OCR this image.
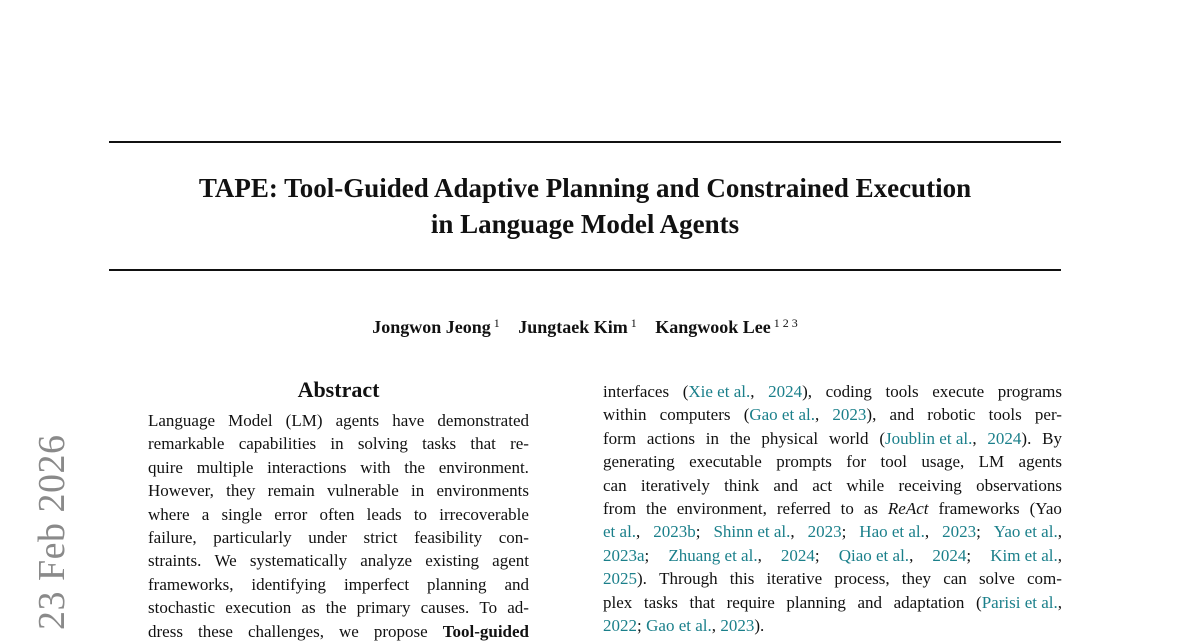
TAPE: Tool-Guided Adaptive Planning and Constrained Execution
in Language Model Agents
Jongwon Jeong $^1$ Jungtaek Kim $^1$ Kangwook Lee $^{1 2 3}$
23 Feb 2026
Abstract
Language Model (LM) agents have demonstrated
remarkable capabilities in solving tasks that re-
quire multiple interactions with the environment.
However, they remain vulnerable in environments
where a single error often leads to irrecoverable
failure, particularly under strict feasibility con-
straints. We systematically analyze existing agent
frameworks, identifying imperfect planning and
stochastic execution as the primary causes. To ad-
dress these challenges, we propose Tool-guided
interfaces (Xie et al., 2024), coding tools execute programs
within computers (Gao et al., 2023), and robotic tools per-
form actions in the physical world (Joublin et al., 2024). By
generating executable prompts for tool usage, LM agents
can iteratively think and act while receiving observations
from the environment, referred to as ReAct frameworks (Yao
et al., 2023b; Shinn et al., 2023; Hao et al., 2023; Yao et al.,
2023a; Zhuang et al., 2024; Qiao et al., 2024; Kim et al.,
2025). Through this iterative process, they can solve com-
plex tasks that require planning and adaptation (Parisi et al.,
2022; Gao et al., 2023).
